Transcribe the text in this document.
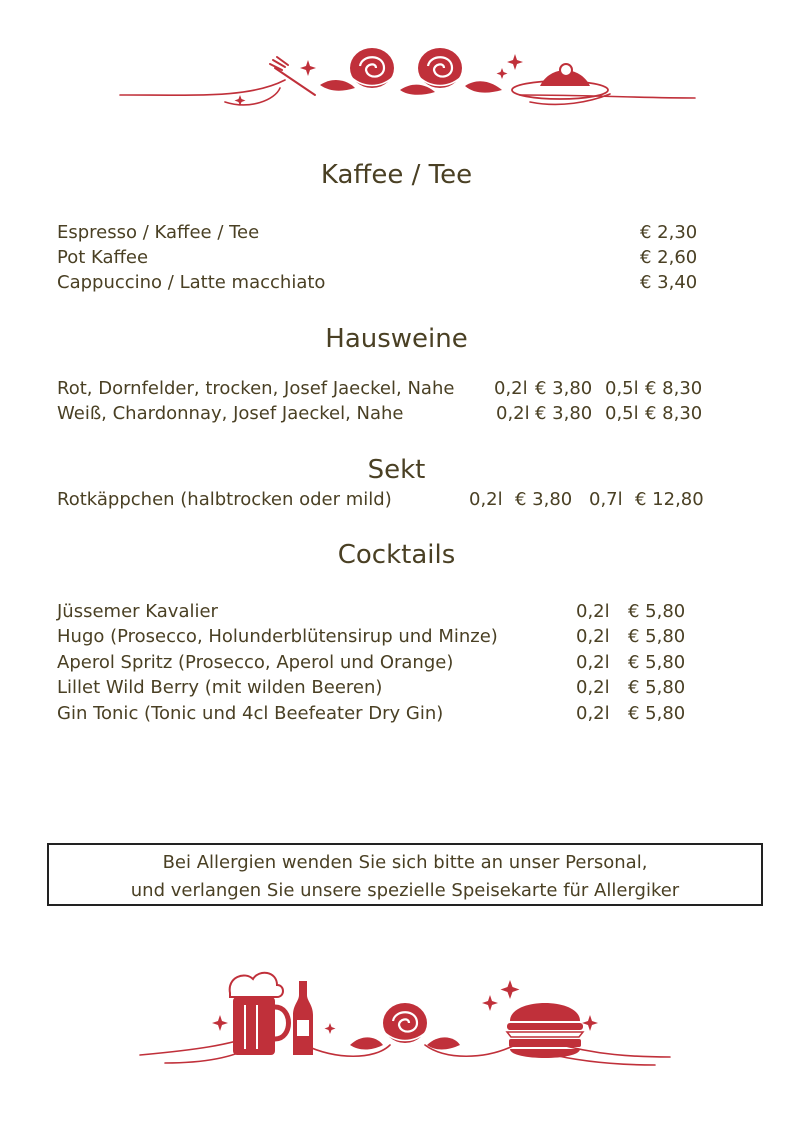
Kaffee / Tee
Espresso / Kaffee / Tee	€ 2,30
Pot Kaffee	€ 2,60
Cappuccino / Latte macchiato	€ 3,40
Hausweine
Rot, Dornfelder, trocken, Josef Jaeckel, Nahe 0,2l € 3,80 0,5l € 8,30
Weiß, Chardonnay, Josef Jaeckel, Nahe	0,2l € 3,80 0,5l € 8,30
Sekt
Rotkäppchen (halbtrocken oder mild)	0,2l € 3,80 0,7l € 12,80
Cocktails
Jüssemer Kavalier	0,2l € 5,80
Hugo (Prosecco, Holunderblütensirup und Minze)	0,2l € 5,80
Aperol Spritz (Prosecco, Aperol und Orange)	0,2l € 5,80
Lillet Wild Berry (mit wilden Beeren)	0,2l € 5,80
Gin Tonic (Tonic und 4cl Beefeater Dry Gin)	0,2l € 5,80
Bei Allergien wenden Sie sich bitte an unser Personal,
und verlangen Sie unsere spezielle Speisekarte für Allergiker
